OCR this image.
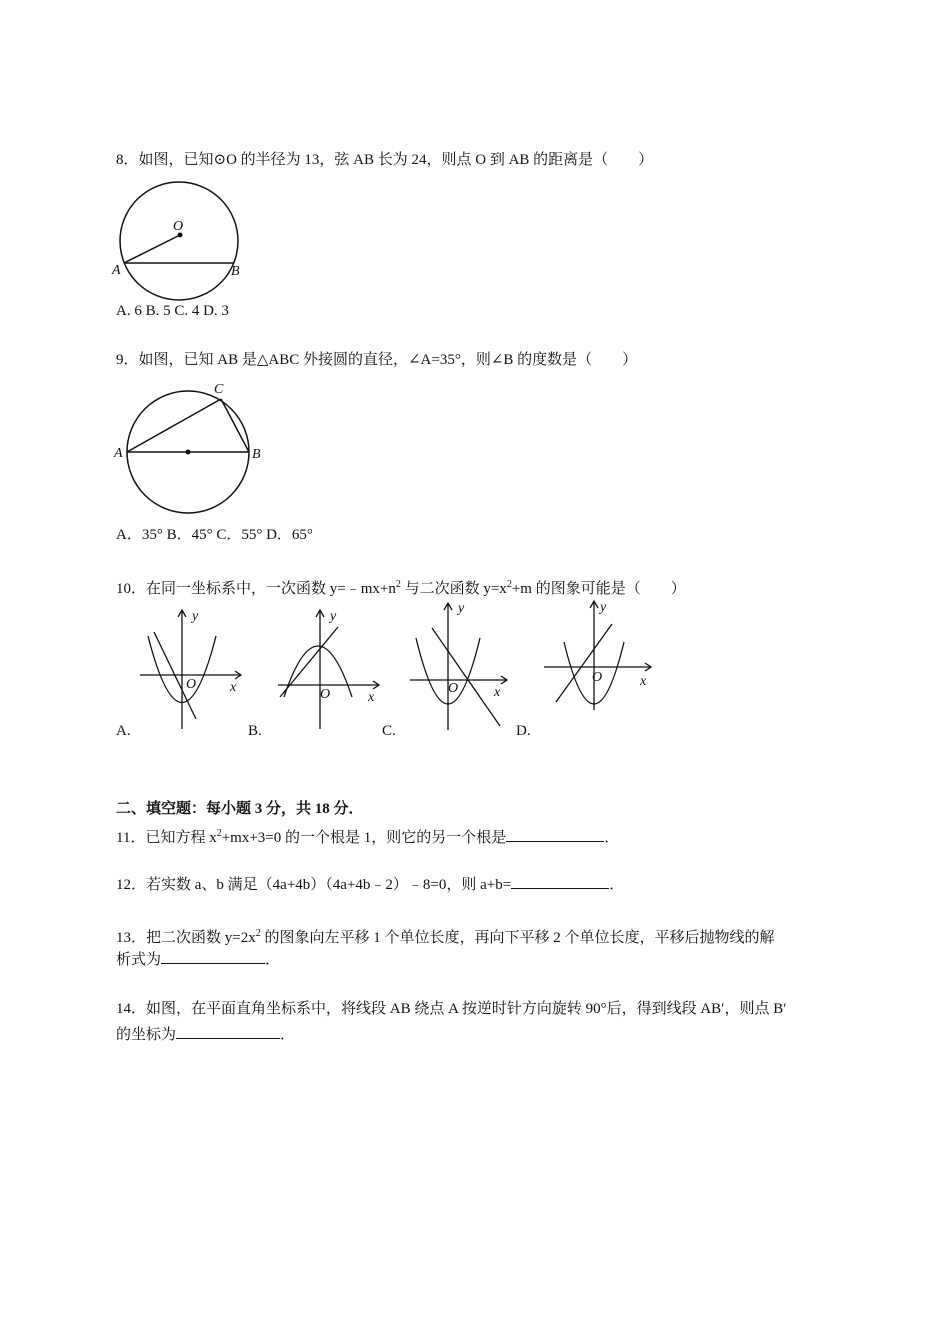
8．如图，已知⊙O 的半径为 13，弦 AB 长为 24，则点 O 到 AB 的距离是（　　）
O
A	B
A. 6 B. 5 C. 4 D. 3
9．如图，已知 AB 是△ABC 外接圆的直径，∠A=35°，则∠B 的度数是（　　）
A	B
C
A．35° B．45° C．55° D．65°
10．在同一坐标系中，一次函数 $y=﹣mx+n^2$ 与二次函数 $y=x^2+m$ 的图象可能是（　　）
y
x
O
A.
y
x
O
B.
y
x
O
C.
y
x
O
D.
二、填空题：每小题 3 分，共 18 分．
11．已知方程 $x^2+mx+3=0$ 的一个根是 1，则它的另一个根是	．
12．若实数 a、b 满足（4a+4b）（4a+4b﹣2）﹣8=0，则 a+b=	．
13．把二次函数 $y=2x^2$ 的图象向左平移 1 个单位长度，再向下平移 2 个单位长度，平移后抛物线的解
析式为	．
14．如图，在平面直角坐标系中，将线段 AB 绕点 A 按逆时针方向旋转 90°后，得到线段 AB′，则点 B′
的坐标为	．
